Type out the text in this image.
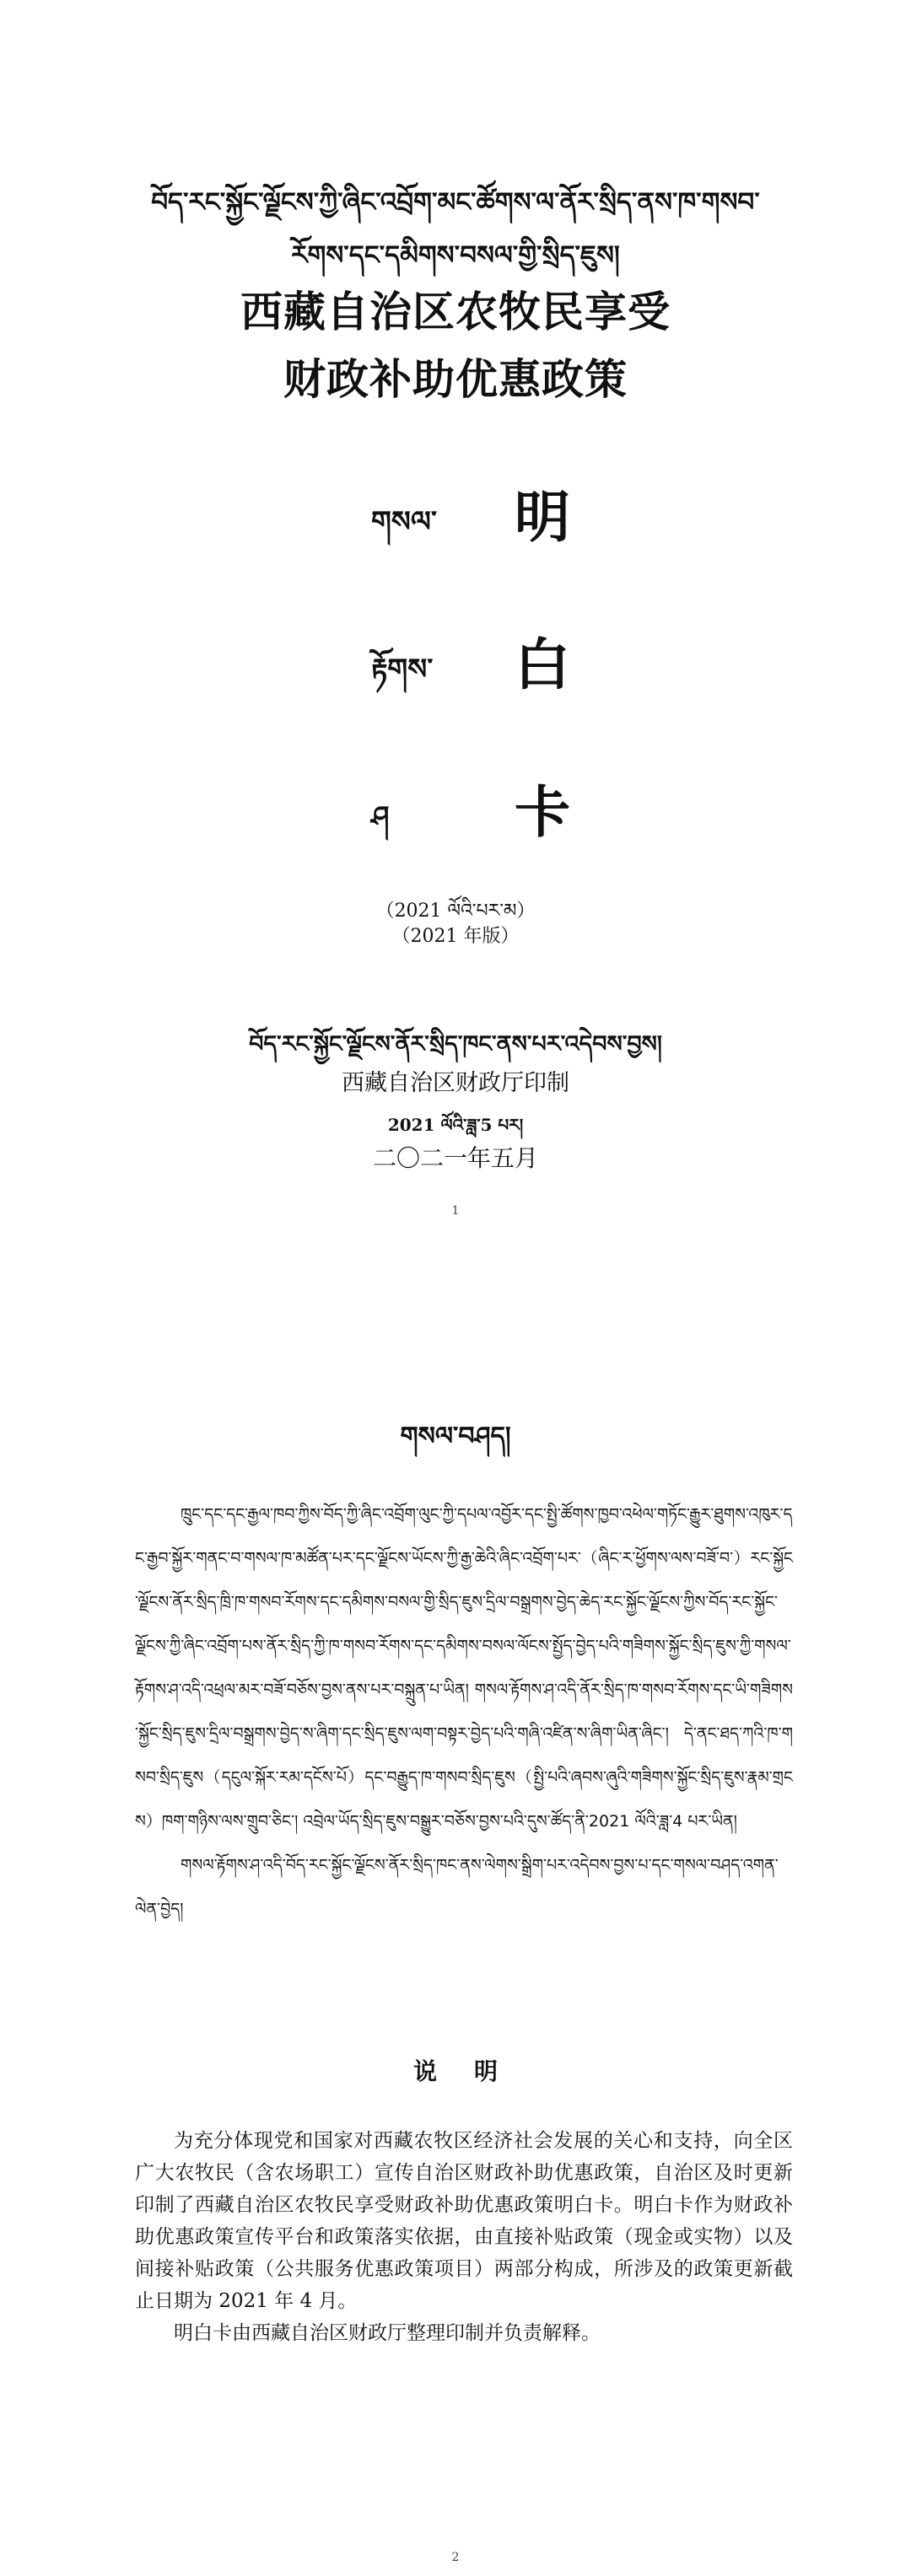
བོད་རང་སྐྱོང་ལྗོངས་ཀྱི་ཞིང་འབྲོག་མང་ཚོགས་ལ་ནོར་སྲིད་ནས་ཁ་གསབ་
རོགས་དང་དམིགས་བསལ་གྱི་སྲིད་ཇུས།
西藏自治区农牧民享受
财政补助优惠政策
གསལ་ 明
རྟོགས་ 白
ཤ 卡
（2021 ལོའི་པར་མ）
（2021 年版）
བོད་རང་སྐྱོང་ལྗོངས་ནོར་སྲིད་ཁང་ནས་པར་འདེབས་བྱས།
西藏自治区财政厅印制
2021 ལོའི་ཟླ་5 པར།
二〇二一年五月
1
གསལ་བཤད།

ཁྲུང་དང་དང་རྒྱལ་ཁབ་ཀྱིས་བོད་ཀྱི་ཞིང་འབྲོག་ལུང་ཀྱི་དཔལ་འབྱོར་དང་སྤྱི་ཚོགས་ཁྱབ་འཕེལ་གཏོང་རྒྱུར་ཐུགས་འཁུར་དང་རྒྱབ་སྐྱོར་གནང་བ་གསལ་ཁ་མཚོན་པར་དང་ལྗོངས་ཡོངས་ཀྱི་རྒྱ་ཆེའི་ཞིང་འབྲོག་པར་（ཞིང་ར་ཕྱོགས་ལས་བཟོ་བ་）རང་སྐྱོང་ལྗོངས་ནོར་སྲིད་ཁྲི་ཁ་གསབ་རོགས་དང་དམིགས་བསལ་གྱི་སྲིད་ཇུས་དྲིལ་བསྒྲགས་བྱེད་ཆེད་རང་སྐྱོང་ལྗོངས་ཀྱིས་བོད་རང་སྐྱོང་ལྗོངས་ཀྱི་ཞིང་འབྲོག་པས་ནོར་སྲིད་ཀྱི་ཁ་གསབ་རོགས་དང་དམིགས་བསལ་ལོངས་སྤྱོད་བྱེད་པའི་གཟིགས་སྐྱོང་སྲིད་ཇུས་ཀྱི་གསལ་རྟོགས་ཤ་འདི་འཕྲལ་མར་བཟོ་བཅོས་བྱས་ནས་པར་བསྐྲུན་པ་ཡིན། གསལ་རྟོགས་ཤ་འདི་ནོར་སྲིད་ཁ་གསབ་རོགས་དང་ཡི་གཟིགས་སྐྱོང་སྲིད་ཇུས་དྲིལ་བསྒྲགས་བྱེད་ས་ཞིག་དང་སྲིད་ཇུས་ལག་བསྟར་བྱེད་པའི་གཞི་འཛིན་ས་ཞིག་ཡིན་ཞིང་། དེ་ནང་ཐད་ཀའི་ཁ་གསབ་སྲིད་ཇུས（དངུལ་སྐོར་རམ་དངོས་པོ）དང་བརྒྱུད་ཁ་གསབ་སྲིད་ཇུས（སྤྱི་པའི་ཞབས་ཞུའི་གཟིགས་སྐྱོང་སྲིད་ཇུས་རྣམ་གྲངས）ཁག་གཉིས་ལས་གྲུབ་ཅིང་། འབྲེལ་ཡོད་སྲིད་ཇུས་བསྒྱུར་བཅོས་བྱས་པའི་དུས་ཚོད་ནི་2021 ལོའི་ཟླ་4 པར་ཡིན།

གསལ་རྟོགས་ཤ་འདི་བོད་རང་སྐྱོང་ལྗོངས་ནོར་སྲིད་ཁང་ནས་ལེགས་སྒྲིག་པར་འདེབས་བྱས་པ་དང་གསལ་བཤད་འགན་ལེན་བྱེད།

说明

为充分体现党和国家对西藏农牧区经济社会发展的关心和支持，向全区广大农牧民（含农场职工）宣传自治区财政补助优惠政策，自治区及时更新印制了西藏自治区农牧民享受财政补助优惠政策明白卡。明白卡作为财政补助优惠政策宣传平台和政策落实依据，由直接补贴政策（现金或实物）以及间接补贴政策（公共服务优惠政策项目）两部分构成，所涉及的政策更新截止日期为 2021 年 4 月。

明白卡由西藏自治区财政厅整理印制并负责解释。

2
